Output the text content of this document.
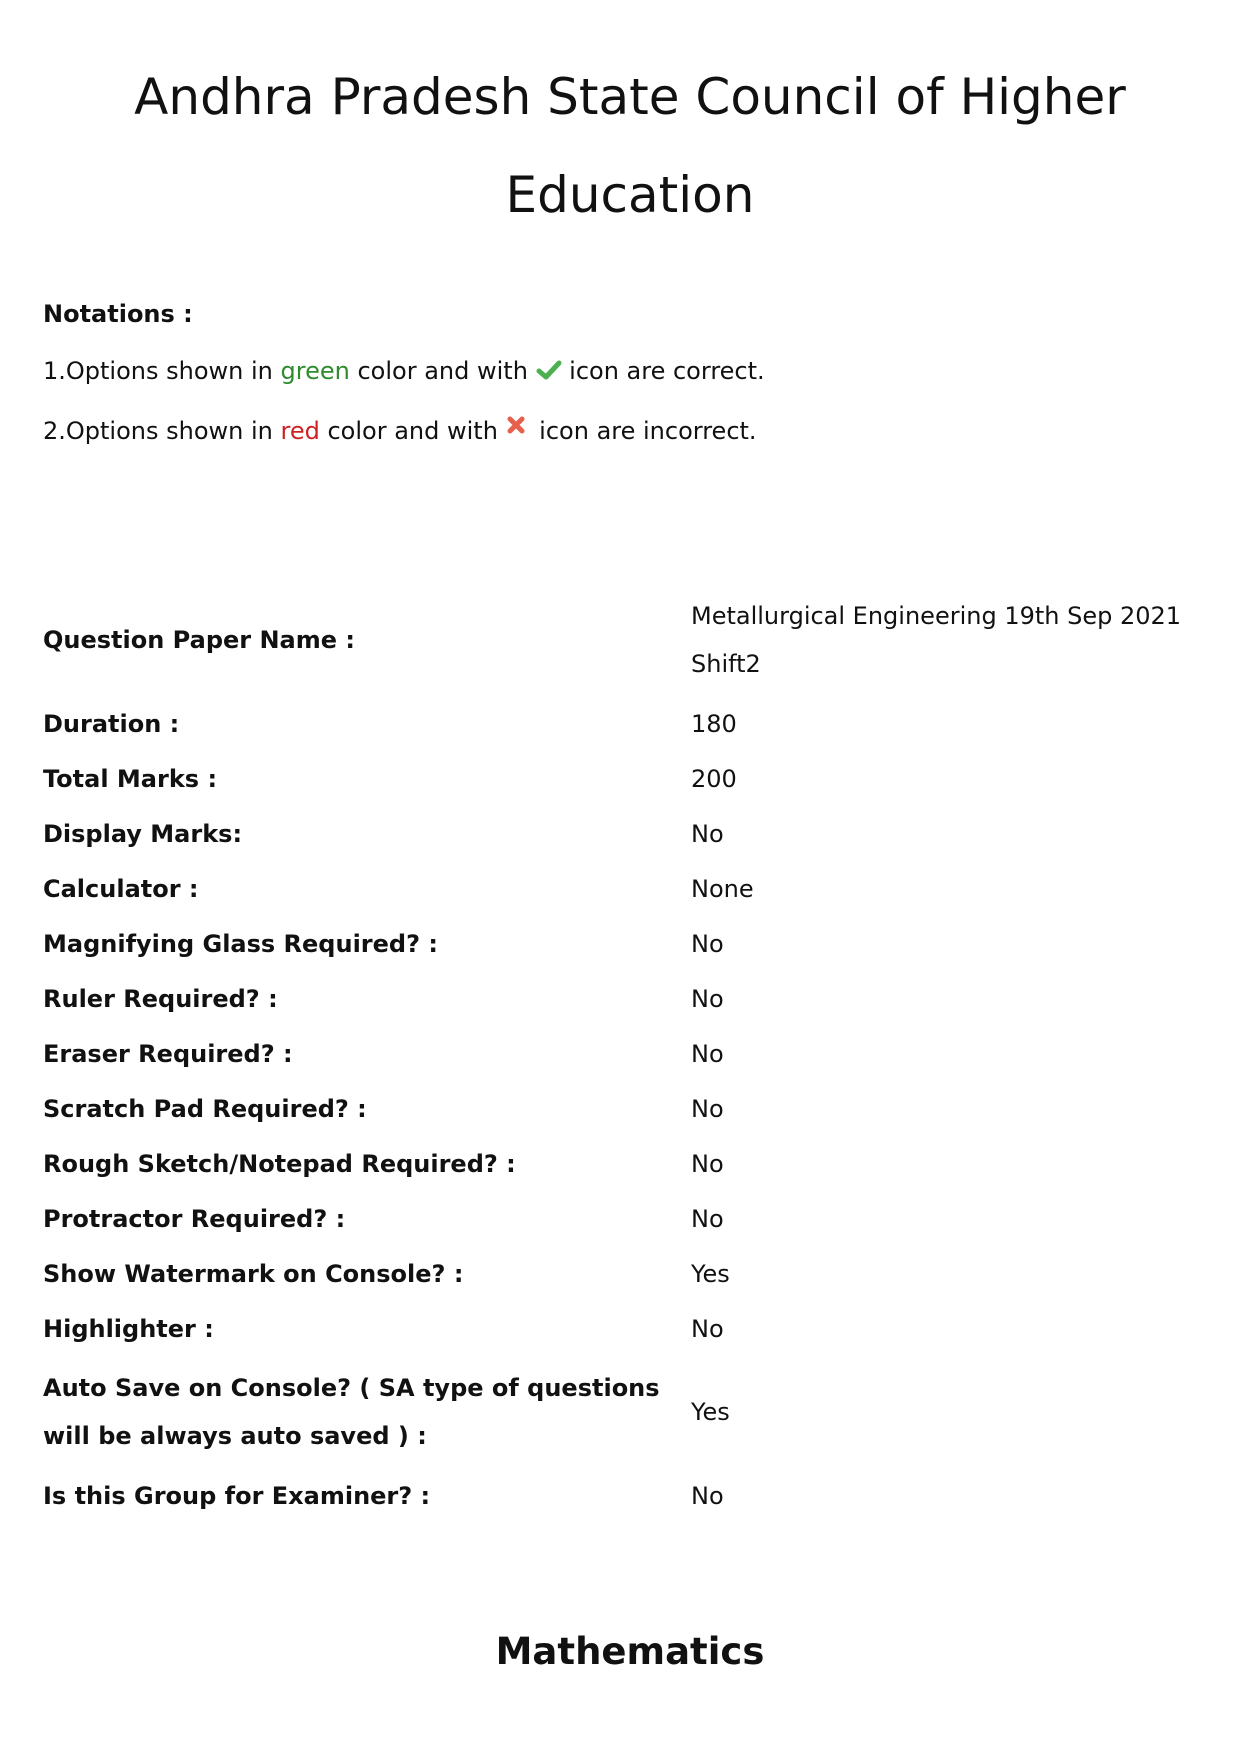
Andhra Pradesh State Council of Higher Education

Notations :

1.Options shown in green color and with  icon are correct.

2.Options shown in red color and with  icon are incorrect.

Question Paper Name :
Metallurgical Engineering 19th Sep 2021 Shift2
Duration :	180
Total Marks :	200
Display Marks:	No
Calculator :	None
Magnifying Glass Required? :	No
Ruler Required? :	No
Eraser Required? :	No
Scratch Pad Required? :	No
Rough Sketch/Notepad Required? :	No
Protractor Required? :	No
Show Watermark on Console? :	Yes
Highlighter :	No
Auto Save on Console? ( SA type of questions will be always auto saved ) :
Yes
Is this Group for Examiner? :	No
Mathematics
